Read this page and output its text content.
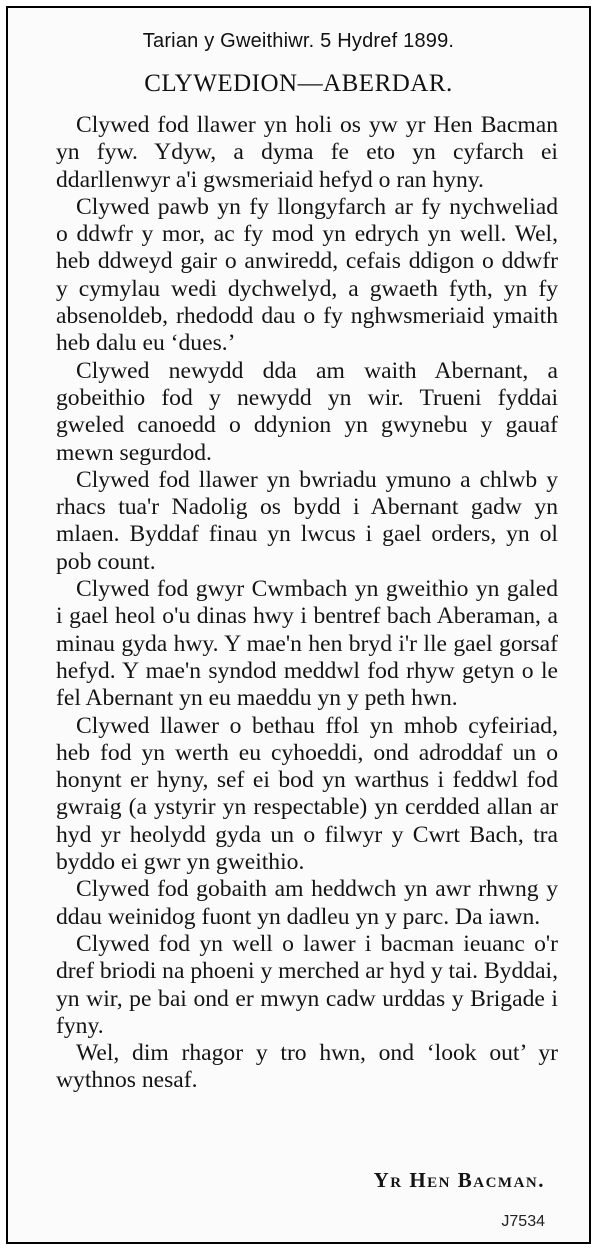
Tarian y Gweithiwr. 5 Hydref 1899.
CLYWEDION—ABERDAR.

Clywed fod llawer yn holi os yw yr Hen Bacman yn fyw. Ydyw, a dyma fe eto yn cyfarch ei ddarllenwyr a'i gwsmeriaid hefyd o ran hyny.

Clywed pawb yn fy llongyfarch ar fy nychweliad o ddwfr y mor, ac fy mod yn edrych yn well. Wel, heb ddweyd gair o anwiredd, cefais ddigon o ddwfr y cymylau wedi dychwelyd, a gwaeth fyth, yn fy absenoldeb, rhedodd dau o fy nghwsmeriaid ymaith heb dalu eu ‘dues.’

Clywed newydd dda am waith Abernant, a gobeithio fod y newydd yn wir. Trueni fyddai gweled canoedd o ddynion yn gwynebu y gauaf mewn segurdod.

Clywed fod llawer yn bwriadu ymuno a chlwb y rhacs tua'r Nadolig os bydd i Abernant gadw yn mlaen. Byddaf finau yn lwcus i gael orders, yn ol pob count.

Clywed fod gwyr Cwmbach yn gweithio yn galed i gael heol o'u dinas hwy i bentref bach Aberaman, a minau gyda hwy. Y mae'n hen bryd i'r lle gael gorsaf hefyd. Y mae'n syndod meddwl fod rhyw getyn o le fel Abernant yn eu maeddu yn y peth hwn.

Clywed llawer o bethau ffol yn mhob cyfeiriad, heb fod yn werth eu cyhoeddi, ond adroddaf un o honynt er hyny, sef ei bod yn warthus i feddwl fod gwraig (a ystyrir yn respectable) yn cerdded allan ar hyd yr heolydd gyda un o filwyr y Cwrt Bach, tra byddo ei gwr yn gweithio.

Clywed fod gobaith am heddwch yn awr rhwng y ddau weinidog fuont yn dadleu yn y parc. Da iawn.

Clywed fod yn well o lawer i bacman ieuanc o'r dref briodi na phoeni y merched ar hyd y tai. Byddai, yn wir, pe bai ond er mwyn cadw urddas y Brigade i fyny.

Wel, dim rhagor y tro hwn, ond ‘look out’ yr wythnos nesaf.

Yr Hen Bacman.
J7534
